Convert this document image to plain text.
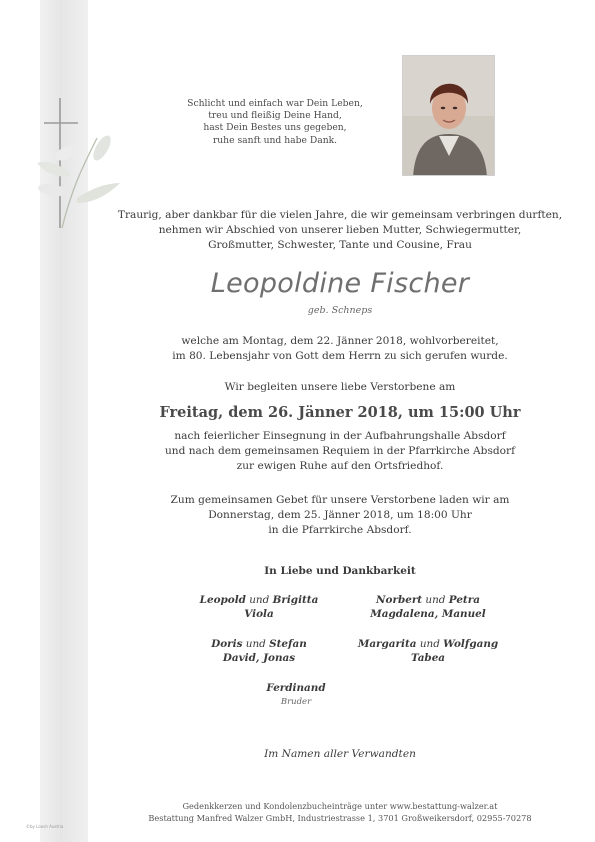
©by Loosh Austria
Schlicht und einfach war Dein Leben,
treu und fleißig Deine Hand,
hast Dein Bestes uns gegeben,
ruhe sanft und habe Dank.
Traurig, aber dankbar für die vielen Jahre, die wir gemeinsam verbringen durften,
nehmen wir Abschied von unserer lieben Mutter, Schwiegermutter,
Großmutter, Schwester, Tante und Cousine, Frau
Leopoldine Fischer
geb. Schneps
welche am Montag, dem 22. Jänner 2018, wohlvorbereitet,
im 80. Lebensjahr von Gott dem Herrn zu sich gerufen wurde.
Wir begleiten unsere liebe Verstorbene am
Freitag, dem 26. Jänner 2018, um 15:00 Uhr
nach feierlicher Einsegnung in der Aufbahrungshalle Absdorf
und nach dem gemeinsamen Requiem in der Pfarrkirche Absdorf
zur ewigen Ruhe auf den Ortsfriedhof.
Zum gemeinsamen Gebet für unsere Verstorbene laden wir am
Donnerstag, dem 25. Jänner 2018, um 18:00 Uhr
in die Pfarrkirche Absdorf.
In Liebe und Dankbarkeit
Leopold und Brigitta
Viola
Norbert und Petra
Magdalena, Manuel
Doris und Stefan
David, Jonas
Margarita und Wolfgang
Tabea
Ferdinand
Bruder
Im Namen aller Verwandten
Gedenkkerzen und Kondolenzbucheinträge unter www.bestattung-walzer.at
Bestattung Manfred Walzer GmbH, Industriestrasse 1, 3701 Großweikersdorf, 02955-70278
